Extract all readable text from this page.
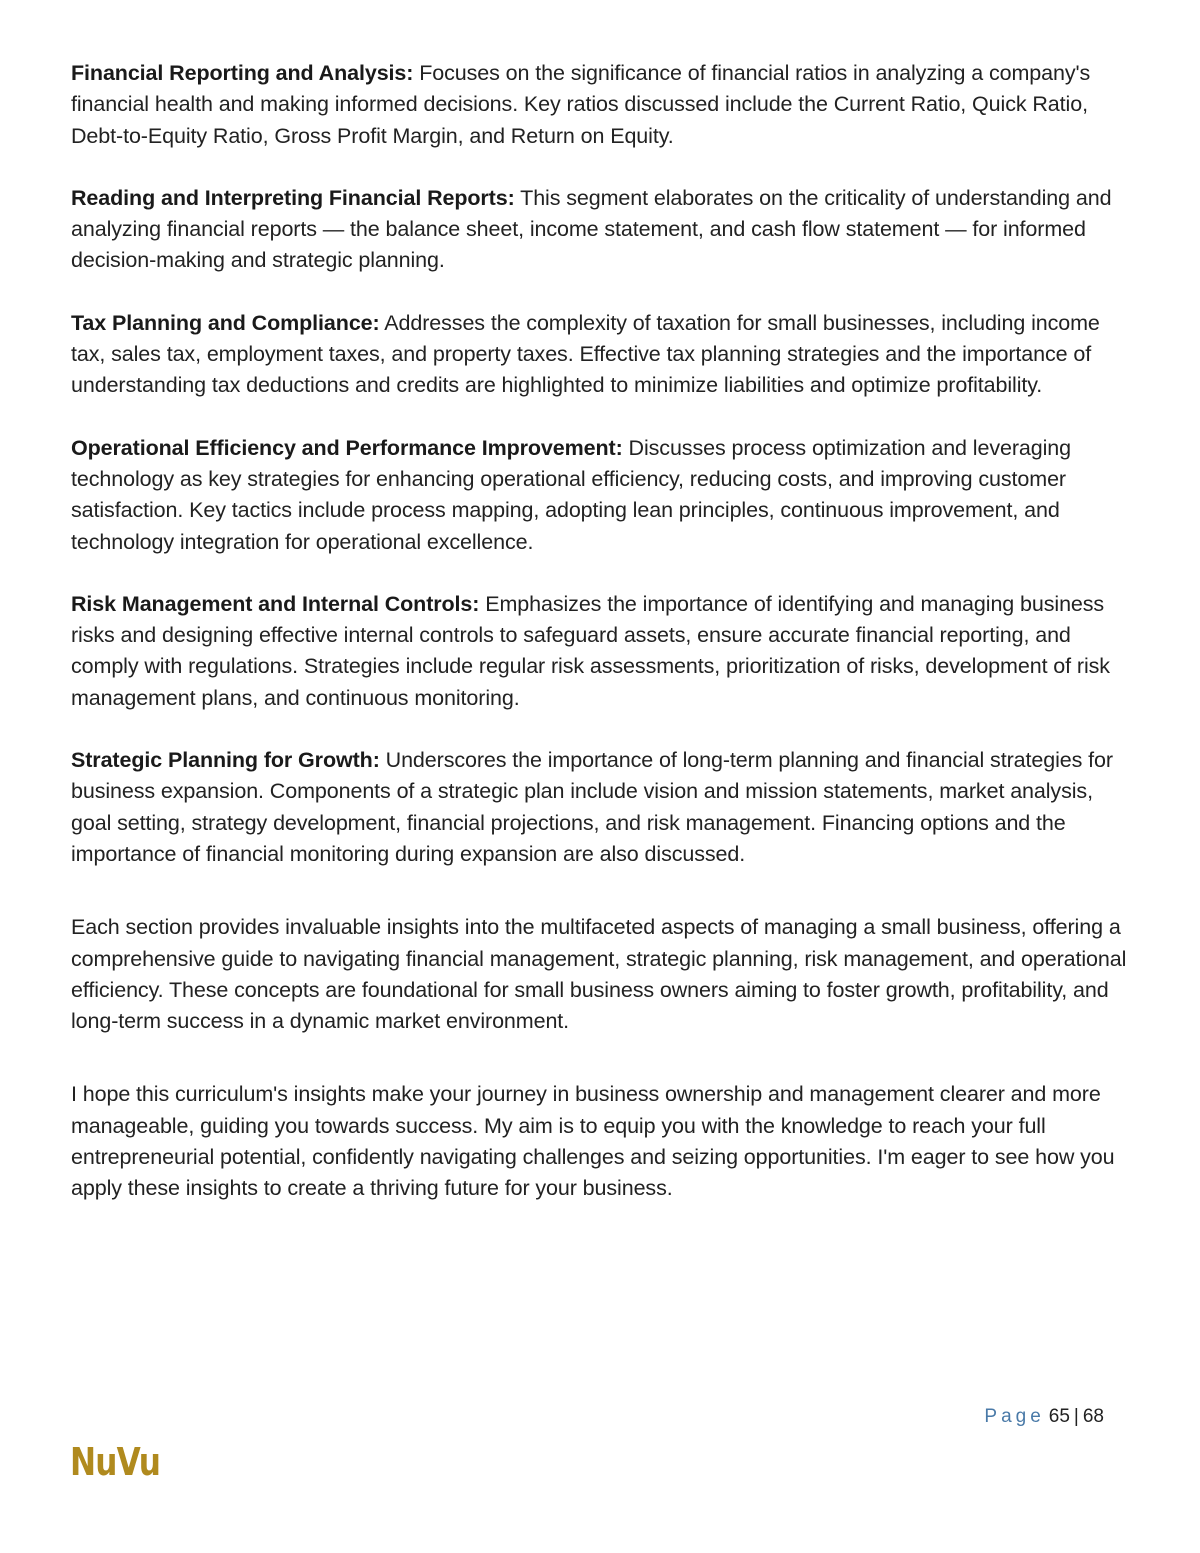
Financial Reporting and Analysis: Focuses on the significance of financial ratios in analyzing a company's financial health and making informed decisions. Key ratios discussed include the Current Ratio, Quick Ratio, Debt-to-Equity Ratio, Gross Profit Margin, and Return on Equity.

Reading and Interpreting Financial Reports: This segment elaborates on the criticality of understanding and analyzing financial reports — the balance sheet, income statement, and cash flow statement — for informed decision-making and strategic planning.

Tax Planning and Compliance: Addresses the complexity of taxation for small businesses, including income tax, sales tax, employment taxes, and property taxes. Effective tax planning strategies and the importance of understanding tax deductions and credits are highlighted to minimize liabilities and optimize profitability.

Operational Efficiency and Performance Improvement: Discusses process optimization and leveraging technology as key strategies for enhancing operational efficiency, reducing costs, and improving customer satisfaction. Key tactics include process mapping, adopting lean principles, continuous improvement, and technology integration for operational excellence.

Risk Management and Internal Controls: Emphasizes the importance of identifying and managing business risks and designing effective internal controls to safeguard assets, ensure accurate financial reporting, and comply with regulations. Strategies include regular risk assessments, prioritization of risks, development of risk management plans, and continuous monitoring.

Strategic Planning for Growth: Underscores the importance of long-term planning and financial strategies for business expansion. Components of a strategic plan include vision and mission statements, market analysis, goal setting, strategy development, financial projections, and risk management. Financing options and the importance of financial monitoring during expansion are also discussed.

Each section provides invaluable insights into the multifaceted aspects of managing a small business, offering a comprehensive guide to navigating financial management, strategic planning, risk management, and operational efficiency. These concepts are foundational for small business owners aiming to foster growth, profitability, and long-term success in a dynamic market environment.

I hope this curriculum's insights make your journey in business ownership and management clearer and more manageable, guiding you towards success. My aim is to equip you with the knowledge to reach your full entrepreneurial potential, confidently navigating challenges and seizing opportunities. I'm eager to see how you apply these insights to create a thriving future for your business.

Page 65 | 68
NuVu
